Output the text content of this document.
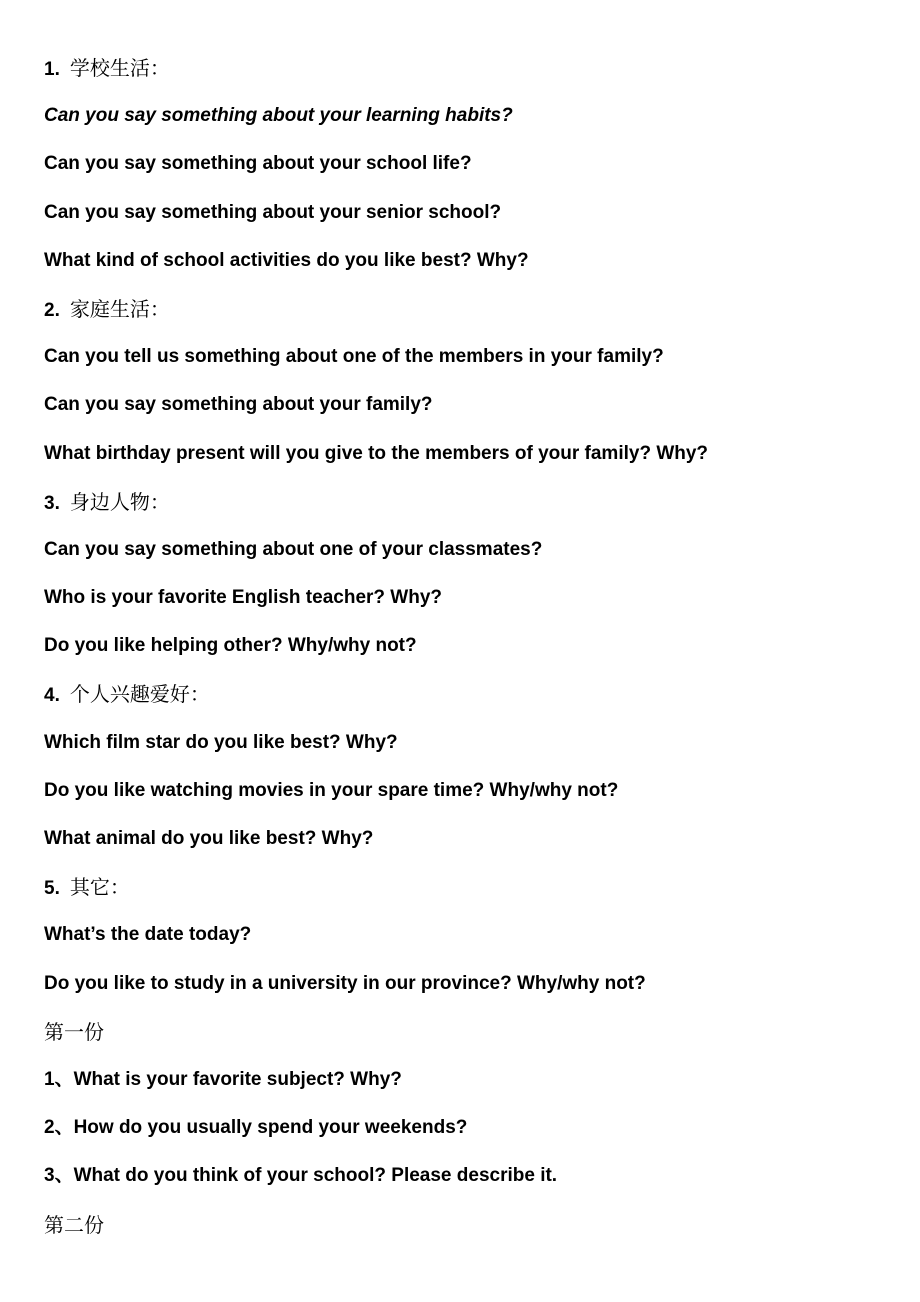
1. 学校生活：
Can you say something about your learning habits?
Can you say something about your school life?
Can you say something about your senior school?
What kind of school activities do you like best? Why?
2. 家庭生活：
Can you tell us something about one of the members in your family?
Can you say something about your family?
What birthday present will you give to the members of your family? Why?
3. 身边人物：
Can you say something about one of your classmates?
Who is your favorite English teacher? Why?
Do you like helping other? Why/why not?
4. 个人兴趣爱好：
Which film star do you like best? Why?
Do you like watching movies in your spare time? Why/why not?
What animal do you like best? Why?
5. 其它：
What’s the date today?
Do you like to study in a university in our province? Why/why not?
第一份
1、What is your favorite subject? Why?
2、How do you usually spend your weekends?
3、What do you think of your school? Please describe it.
第二份
